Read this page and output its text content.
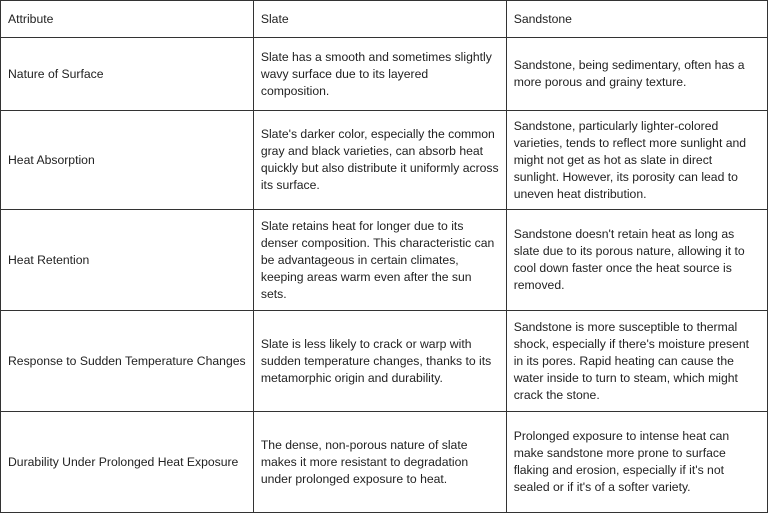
Attribute	Slate	Sandstone
Nature of Surface	Slate has a smooth and sometimes slightly wavy surface due to its layered composition.	Sandstone, being sedimentary, often has a more porous and grainy texture.
Heat Absorption	Slate's darker color, especially the common gray and black varieties, can absorb heat quickly but also distribute it uniformly across its surface.	Sandstone, particularly lighter-colored varieties, tends to reflect more sunlight and might not get as hot as slate in direct sunlight. However, its porosity can lead to uneven heat distribution.
Heat Retention	Slate retains heat for longer due to its denser composition. This characteristic can be advantageous in certain climates, keeping areas warm even after the sun sets.	Sandstone doesn't retain heat as long as slate due to its porous nature, allowing it to cool down faster once the heat source is removed.
Response to Sudden Temperature Changes	Slate is less likely to crack or warp with sudden temperature changes, thanks to its metamorphic origin and durability.	Sandstone is more susceptible to thermal shock, especially if there's moisture present in its pores. Rapid heating can cause the water inside to turn to steam, which might crack the stone.
Durability Under Prolonged Heat Exposure	The dense, non-porous nature of slate makes it more resistant to degradation under prolonged exposure to heat.	Prolonged exposure to intense heat can make sandstone more prone to surface flaking and erosion, especially if it's not sealed or if it's of a softer variety.
